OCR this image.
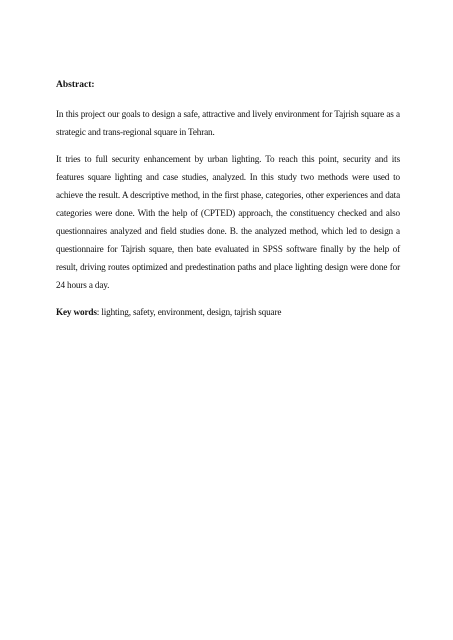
Abstract:

In this project our goals to design a safe, attractive and lively environment for Tajrish square as a strategic and trans-regional square in Tehran.

It tries to full security enhancement by urban lighting. To reach this point, security and its features square lighting and case studies, analyzed. In this study two methods were used to achieve the result. A descriptive method, in the first phase, categories, other experiences and data categories were done. With the help of (CPTED) approach, the constituency checked and also questionnaires analyzed and field studies done. B. the analyzed method, which led to design a questionnaire for Tajrish square, then bate evaluated in SPSS software finally by the help of result, driving routes optimized and predestination paths and place lighting design were done for 24 hours a day.

Key words: lighting, safety, environment, design, tajrish square
